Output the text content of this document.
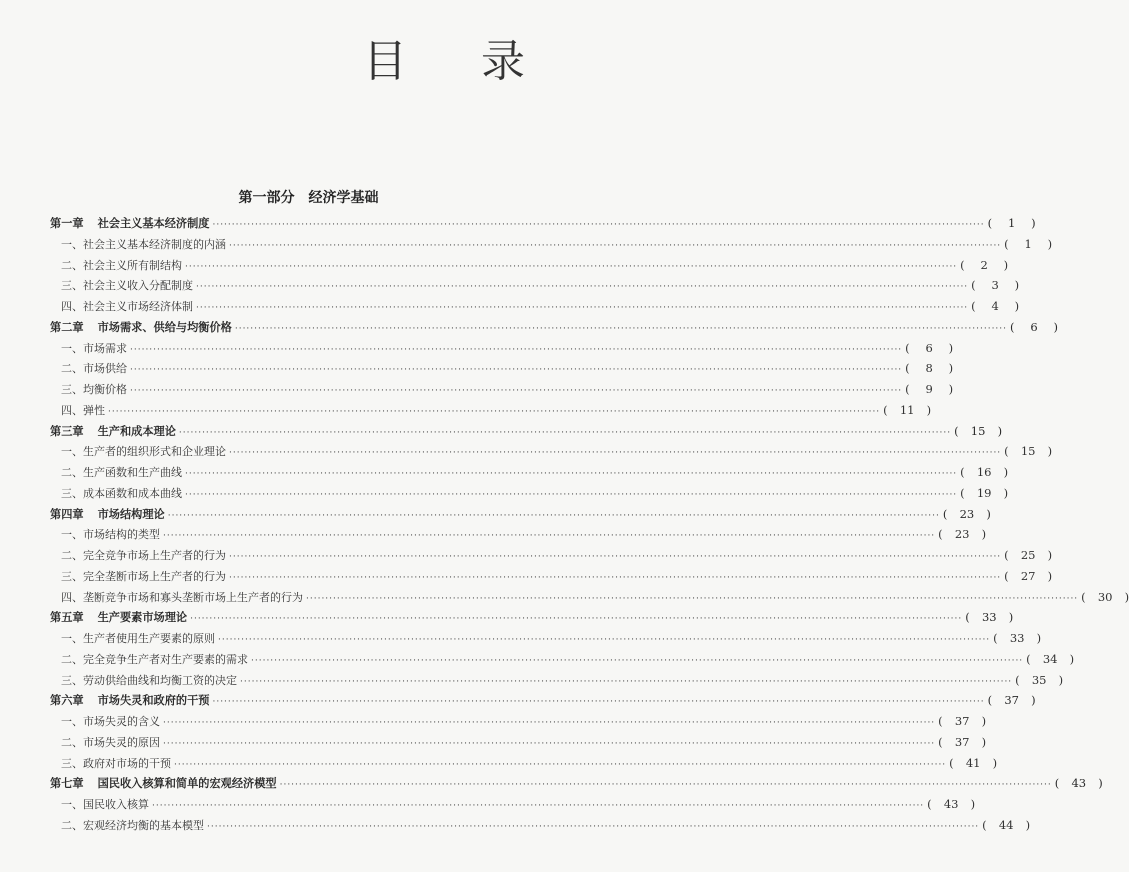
目 录
第一部分　经济学基础
第一章 社会主义基本经济制度 ········································································································································································································ (	1	)
一、社会主义基本经济制度的内涵 ········································································································································································································ (	1	)
二、社会主义所有制结构 ········································································································································································································ (	2	)
三、社会主义收入分配制度 ········································································································································································································ (	3	)
四、社会主义市场经济体制 ········································································································································································································ (	4	)
第二章 市场需求、供给与均衡价格 ········································································································································································································ (	6	)
一、市场需求 ········································································································································································································ (	6	)
二、市场供给 ········································································································································································································ (	8	)
三、均衡价格 ········································································································································································································ (	9	)
四、弹性 ········································································································································································································ (	11	)
第三章 生产和成本理论 ········································································································································································································ (	15	)
一、生产者的组织形式和企业理论 ········································································································································································································ (	15	)
二、生产函数和生产曲线 ········································································································································································································ (	16	)
三、成本函数和成本曲线 ········································································································································································································ (	19	)
第四章 市场结构理论 ········································································································································································································ (	23	)
一、市场结构的类型 ········································································································································································································ (	23	)
二、完全竞争市场上生产者的行为 ········································································································································································································ (	25	)
三、完全垄断市场上生产者的行为 ········································································································································································································ (	27	)
四、垄断竞争市场和寡头垄断市场上生产者的行为 ········································································································································································································ (	30	)
第五章 生产要素市场理论 ········································································································································································································ (	33	)
一、生产者使用生产要素的原则 ········································································································································································································ (	33	)
二、完全竞争生产者对生产要素的需求 ········································································································································································································ (	34	)
三、劳动供给曲线和均衡工资的决定 ········································································································································································································ (	35	)
第六章 市场失灵和政府的干预 ········································································································································································································ (	37	)
一、市场失灵的含义 ········································································································································································································ (	37	)
二、市场失灵的原因 ········································································································································································································ (	37	)
三、政府对市场的干预 ········································································································································································································ (	41	)
第七章 国民收入核算和简单的宏观经济模型 ········································································································································································································ (	43	)
一、国民收入核算 ········································································································································································································ (	43	)
二、宏观经济均衡的基本模型 ········································································································································································································ (	44	)
